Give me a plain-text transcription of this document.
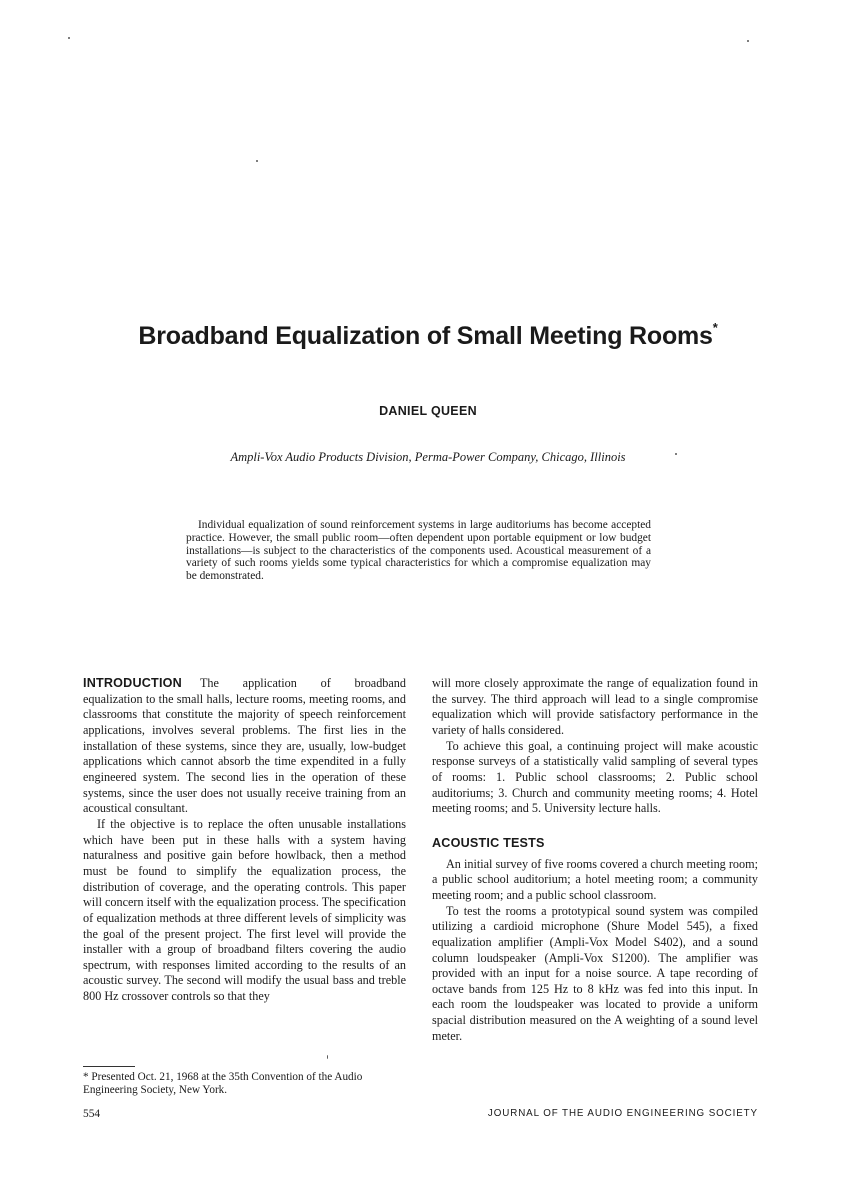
Broadband Equalization of Small Meeting Rooms*
DANIEL QUEEN
Ampli-Vox Audio Products Division, Perma-Power Company, Chicago, Illinois
Individual equalization of sound reinforcement systems in large auditoriums has become accepted practice. However, the small public room—often dependent upon portable equipment or low budget installations—is subject to the characteristics of the components used. Acoustical measurement of a variety of such rooms yields some typical characteristics for which a compromise equalization may be demonstrated.

INTRODUCTION The application of broadband equalization to the small halls, lecture rooms, meeting rooms, and classrooms that constitute the majority of speech reinforcement applications, involves several problems. The first lies in the installation of these systems, since they are, usually, low-budget applications which cannot absorb the time expendited in a fully engineered system. The second lies in the operation of these systems, since the user does not usually receive training from an acoustical consultant.

If the objective is to replace the often unusable installations which have been put in these halls with a system having naturalness and positive gain before howlback, then a method must be found to simplify the equalization process, the distribution of coverage, and the operating controls. This paper will concern itself with the equalization process. The specification of equalization methods at three different levels of simplicity was the goal of the present project. The first level will provide the installer with a group of broadband filters covering the audio spectrum, with responses limited according to the results of an acoustic survey. The second will modify the usual bass and treble 800 Hz crossover controls so that they

will more closely approximate the range of equalization found in the survey. The third approach will lead to a single compromise equalization which will provide satisfactory performance in the variety of halls considered.

To achieve this goal, a continuing project will make acoustic response surveys of a statistically valid sampling of several types of rooms: 1. Public school classrooms; 2. Public school auditoriums; 3. Church and community meeting rooms; 4. Hotel meeting rooms; and 5. University lecture halls.

ACOUSTIC TESTS

An initial survey of five rooms covered a church meeting room; a public school auditorium; a hotel meeting room; a community meeting room; and a public school classroom.

To test the rooms a prototypical sound system was compiled utilizing a cardioid microphone (Shure Model 545), a fixed equalization amplifier (Ampli-Vox Model S402), and a sound column loudspeaker (Ampli-Vox S1200). The amplifier was provided with an input for a noise source. A tape recording of octave bands from 125 Hz to 8 kHz was fed into this input. In each room the loudspeaker was located to provide a uniform spacial distribution measured on the A weighting of a sound level meter.

* Presented Oct. 21, 1968 at the 35th Convention of the Audio Engineering Society, New York.
554	JOURNAL OF THE AUDIO ENGINEERING SOCIETY
